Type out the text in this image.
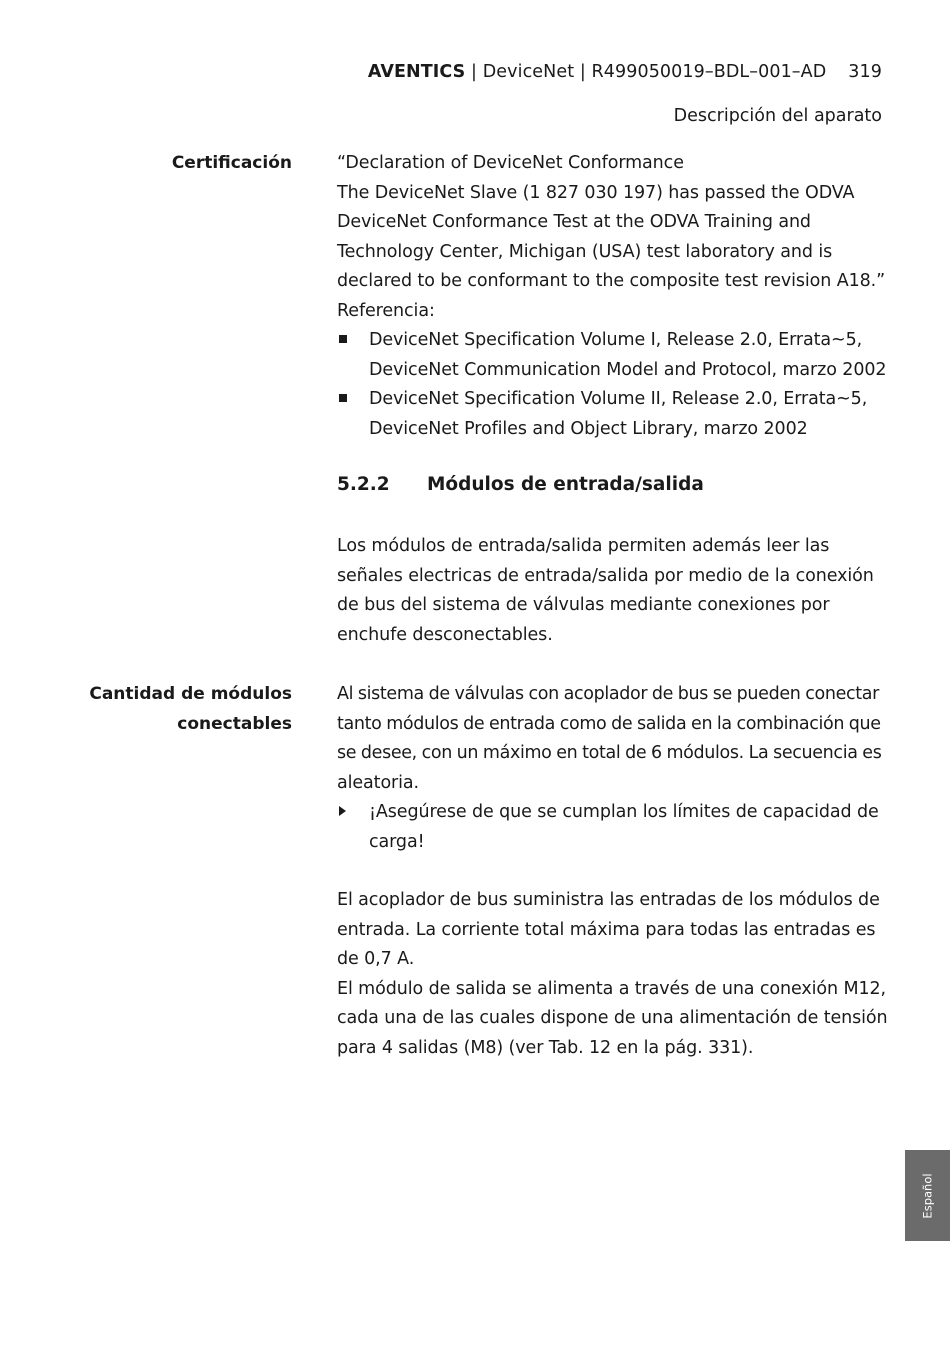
AVENTICS | DeviceNet | R499050019–BDL–001–AD 319
Descripción del aparato
Certificación	“Declaration of DeviceNet Conformance

The DeviceNet Slave (1 827 030 197) has passed the ODVA

DeviceNet Conformance Test at the ODVA Training and

Technology Center, Michigan (USA) test laboratory and is

declared to be conformant to the composite test revision A18.”

Referencia:

DeviceNet Specification Volume I, Release 2.0, Errata~5,

DeviceNet Communication Model and Protocol, marzo 2002

DeviceNet Specification Volume II, Release 2.0, Errata~5,

DeviceNet Profiles and Object Library, marzo 2002

5.2.2 Módulos de entrada/salida

Los módulos de entrada/salida permiten además leer las

señales electricas de entrada/salida por medio de la conexión

de bus del sistema de válvulas mediante conexiones por

enchufe desconectables.

Cantidad de módulos
conectables

Al sistema de válvulas con acoplador de bus se pueden conectar

tanto módulos de entrada como de salida en la combinación que

se desee, con un máximo en total de 6 módulos. La secuencia es

aleatoria.

¡Asegúrese de que se cumplan los límites de capacidad de

carga!

El acoplador de bus suministra las entradas de los módulos de

entrada. La corriente total máxima para todas las entradas es

de 0,7 A.

El módulo de salida se alimenta a través de una conexión M12,

cada una de las cuales dispone de una alimentación de tensión

para 4 salidas (M8) (ver Tab. 12 en la pág. 331).

Español
